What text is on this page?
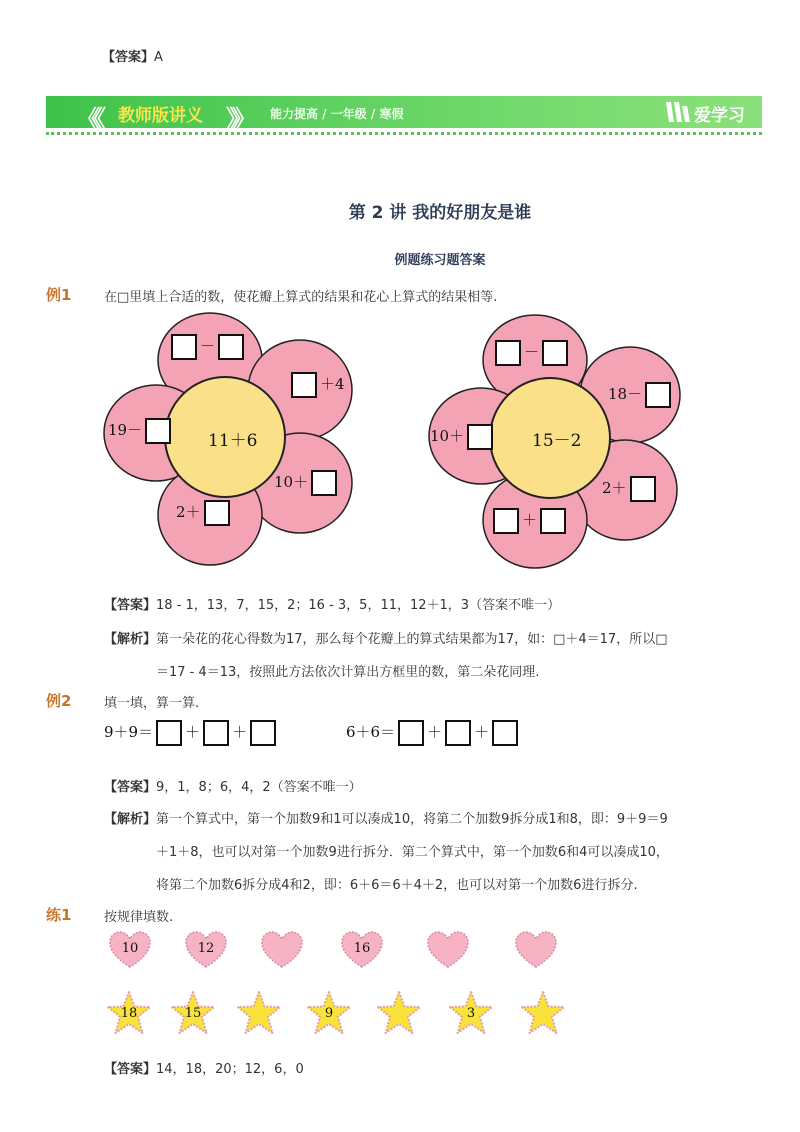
【答案】A
《《 教师版讲义 》》 能力提高 / 一年级 / 寒假	爱学习
第 2 讲 我的好朋友是谁
例题练习题答案
例1	在□里填上合适的数，使花瓣上算式的结果和花心上算式的结果相等.
－
＋4
19－
11＋6
10＋
2＋
－
18－
10＋	15－2
2＋
＋
【答案】18 - 1，13，7，15，2；16 - 3，5，11，12＋1，3（答案不唯一）
【解析】第一朵花的花心得数为17，那么每个花瓣上的算式结果都为17，如：□＋4＝17，所以□
＝17 - 4＝13，按照此方法依次计算出方框里的数，第二朵花同理.
例2	填一填，算一算.
9＋9＝ ＋ ＋	6＋6＝ ＋ ＋
【答案】9，1，8；6，4，2（答案不唯一）
【解析】第一个算式中，第一个加数9和1可以凑成10，将第二个加数9拆分成1和8，即：9＋9＝9
＋1＋8，也可以对第一个加数9进行拆分．第二个算式中，第一个加数6和4可以凑成10，
将第二个加数6拆分成4和2，即：6＋6＝6＋4＋2，也可以对第一个加数6进行拆分.
练1	按规律填数.
10	12	16
18	15	9	3
【答案】14，18，20；12，6，0
